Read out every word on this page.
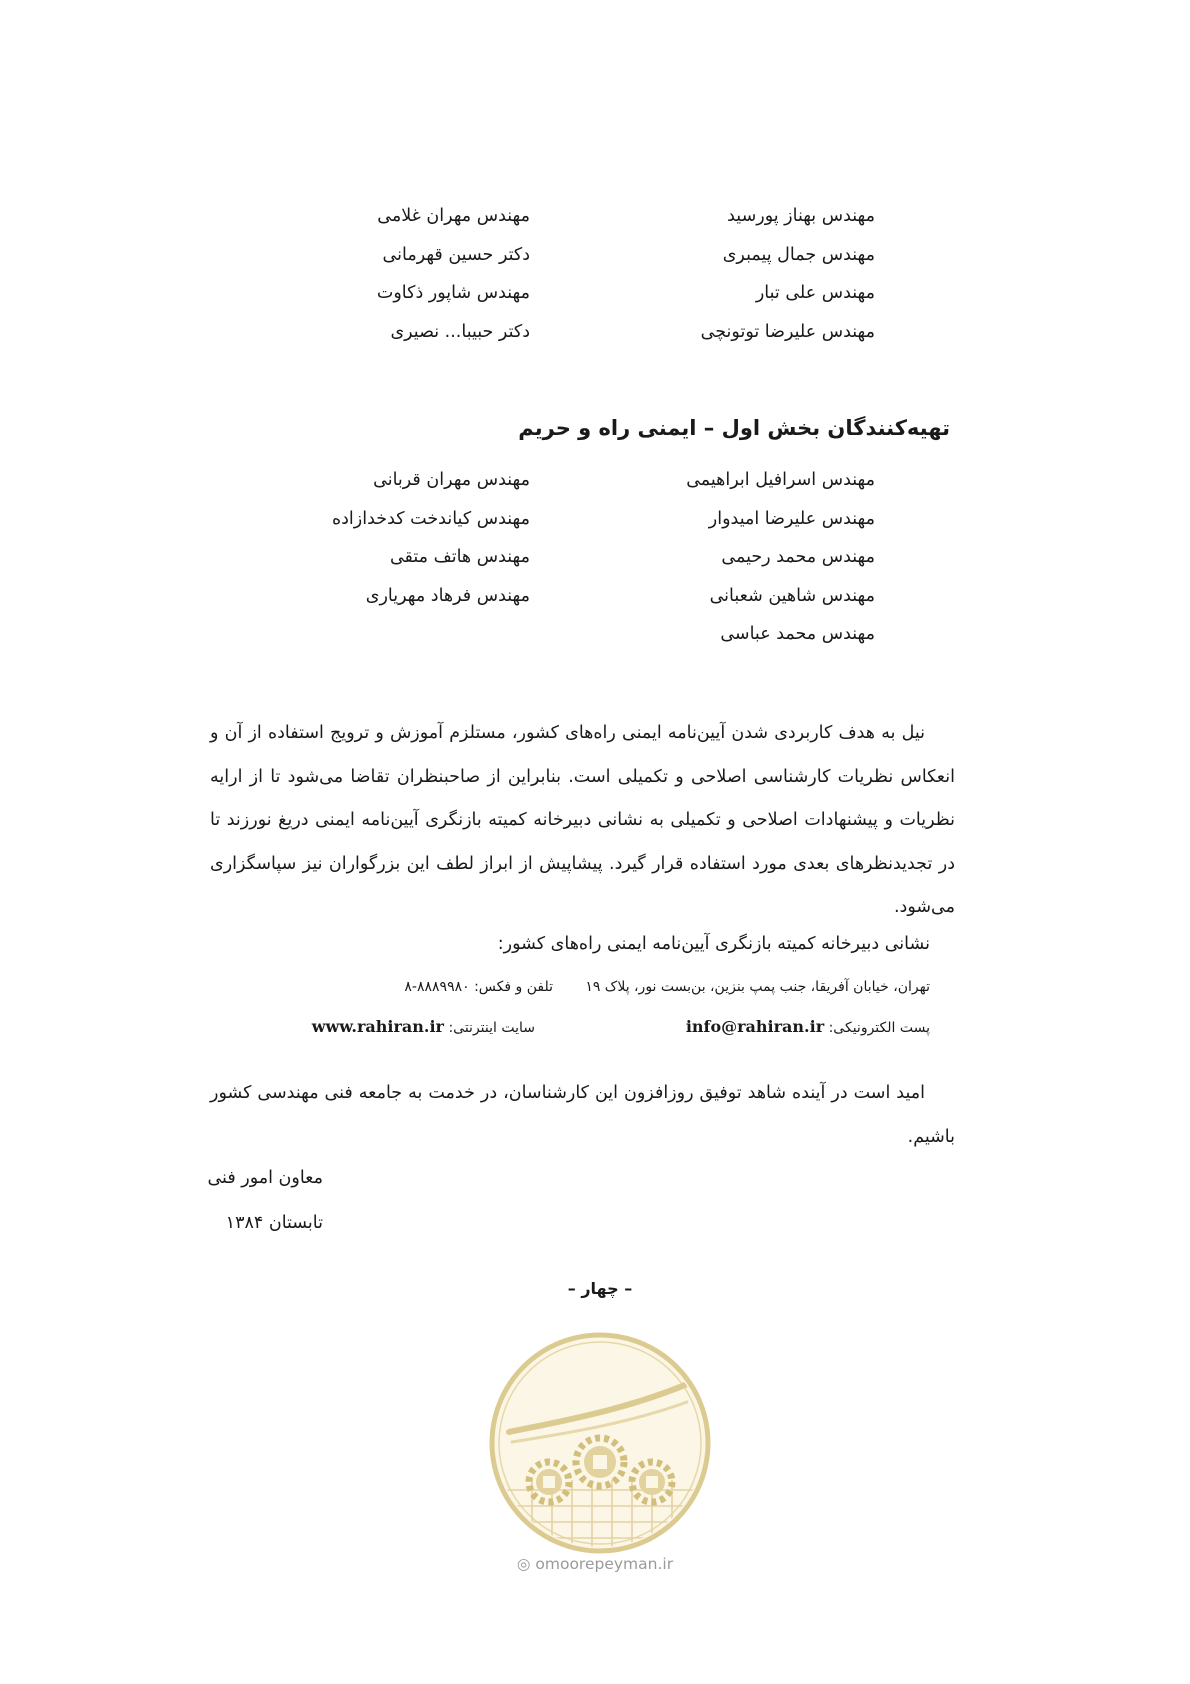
مهندس بهناز پورسید
مهندس جمال پیمبری
مهندس علی تبار
مهندس علیرضا توتونچی
مهندس مهران غلامی
دکتر حسین قهرمانی
مهندس شاپور ذکاوت
دکتر حبیبا... نصیری
تهیه‌کنندگان بخش اول – ایمنی راه و حریم
مهندس اسرافیل ابراهیمی
مهندس علیرضا امیدوار
مهندس محمد رحیمی
مهندس شاهین شعبانی
مهندس محمد عباسی
مهندس مهران قربانی
مهندس کیاندخت کدخدازاده
مهندس هاتف متقی
مهندس فرهاد مهریاری

نیل به هدف کاربردی شدن آیین‌نامه ایمنی راه‌های کشور، مستلزم آموزش و ترویج استفاده از آن و انعکاس نظریات کارشناسی اصلاحی و تکمیلی است. بنابراین از صاحبنظران تقاضا می‌شود تا از ارایه نظریات و پیشنهادات اصلاحی و تکمیلی به نشانی دبیرخانه کمیته بازنگری آیین‌نامه ایمنی دریغ نورزند تا در تجدیدنظرهای بعدی مورد استفاده قرار گیرد. پیشاپیش از ابراز لطف این بزرگواران نیز سپاسگزاری می‌شود.

نشانی دبیرخانه کمیته بازنگری آیین‌نامه ایمنی راه‌های کشور:
تهران، خیابان آفریقا، جنب پمپ بنزین، بن‌بست نور، پلاک ۱۹
تلفن و فکس: ۸۸۸۹۹۸۰-۸
پست الکترونیکی: info@rahiran.ir
سایت اینترنتی: www.rahiran.ir

امید است در آینده شاهد توفیق روزافزون این کارشناسان، در خدمت به جامعه فنی مهندسی کشور باشیم.

معاون امور فنی
تابستان ۱۳۸۴
– چهار –
◎ omoorepeyman.ir
